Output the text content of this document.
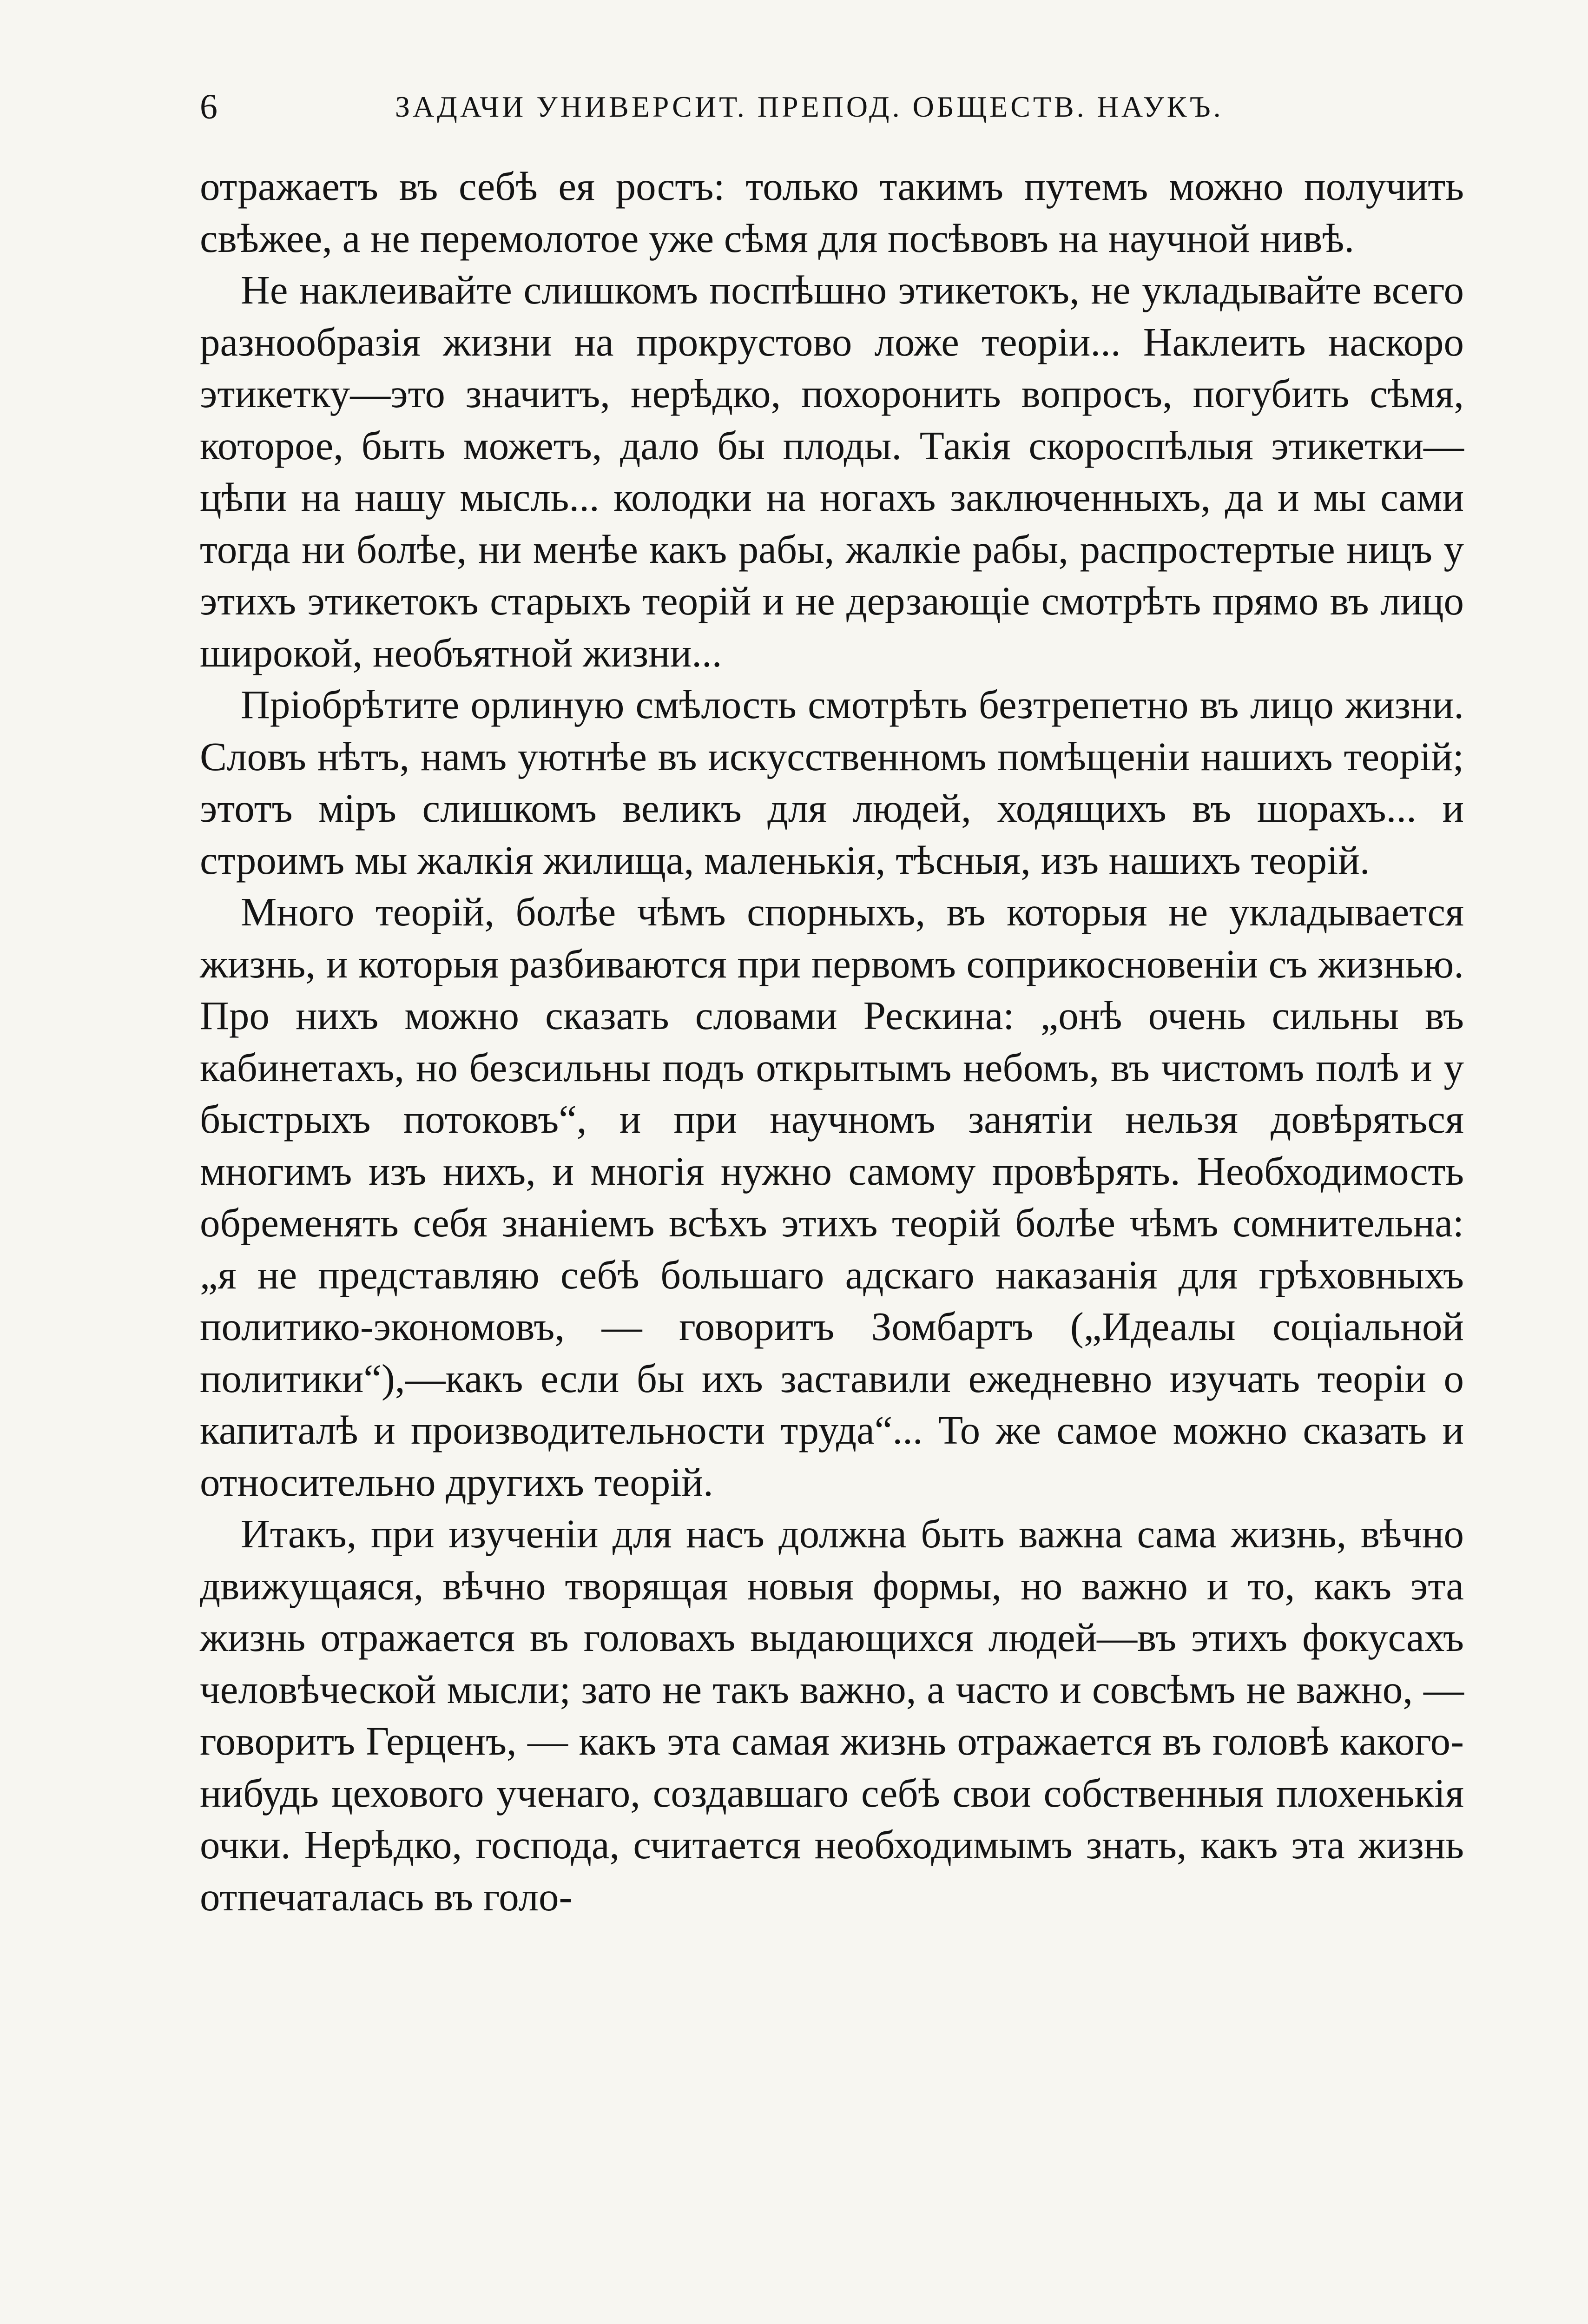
6	ЗАДАЧИ УНИВЕРСИТ. ПРЕПОД. ОБЩЕСТВ. НАУКЪ.

отражаетъ въ себѣ ея ростъ: только такимъ путемъ можно получить свѣжее, а не перемолотое уже сѣмя для посѣвовъ на научной нивѣ.

Не наклеивайте слишкомъ поспѣшно этикетокъ, не укладывайте всего разнообразія жизни на прокрустово ложе теоріи... Наклеить наскоро этикетку—это значитъ, нерѣдко, похоронить вопросъ, погубить сѣмя, которое, быть можетъ, дало бы плоды. Такія скороспѣлыя этикетки—цѣпи на нашу мысль... колодки на ногахъ заключенныхъ, да и мы сами тогда ни болѣе, ни менѣе какъ рабы, жалкіе рабы, распростертые ницъ у этихъ этикетокъ старыхъ теорій и не дерзающіе смотрѣть прямо въ лицо широкой, необъятной жизни...

Пріобрѣтите орлиную смѣлость смотрѣть безтрепетно въ лицо жизни. Словъ нѣтъ, намъ уютнѣе въ искусственномъ помѣщеніи нашихъ теорій; этотъ міръ слишкомъ великъ для людей, ходящихъ въ шорахъ... и строимъ мы жалкія жилища, маленькія, тѣсныя, изъ нашихъ теорій.

Много теорій, болѣе чѣмъ спорныхъ, въ которыя не укладывается жизнь, и которыя разбиваются при первомъ соприкосновеніи съ жизнью. Про нихъ можно сказать словами Рескина: „онѣ очень сильны въ кабинетахъ, но безсильны подъ открытымъ небомъ, въ чистомъ полѣ и у быстрыхъ потоковъ“, и при научномъ занятіи нельзя довѣряться многимъ изъ нихъ, и многія нужно самому провѣрять. Необходимость обременять себя знаніемъ всѣхъ этихъ теорій болѣе чѣмъ сомнительна: „я не представляю себѣ большаго адскаго наказанія для грѣховныхъ политико-экономовъ, — говоритъ Зомбартъ („Идеалы соціальной политики“),—какъ если бы ихъ заставили ежедневно изучать теоріи о капиталѣ и производительности труда“... То же самое можно сказать и относительно другихъ теорій.

Итакъ, при изученіи для насъ должна быть важна сама жизнь, вѣчно движущаяся, вѣчно творящая новыя формы, но важно и то, какъ эта жизнь отражается въ головахъ выдающихся людей—въ этихъ фокусахъ человѣческой мысли; зато не такъ важно, а часто и совсѣмъ не важно, — говоритъ Герценъ, — какъ эта самая жизнь отражается въ головѣ какого-нибудь цехового ученаго, создавшаго себѣ свои собственныя плохенькія очки. Нерѣдко, господа, считается необходимымъ знать, какъ эта жизнь отпечаталась въ голо-
